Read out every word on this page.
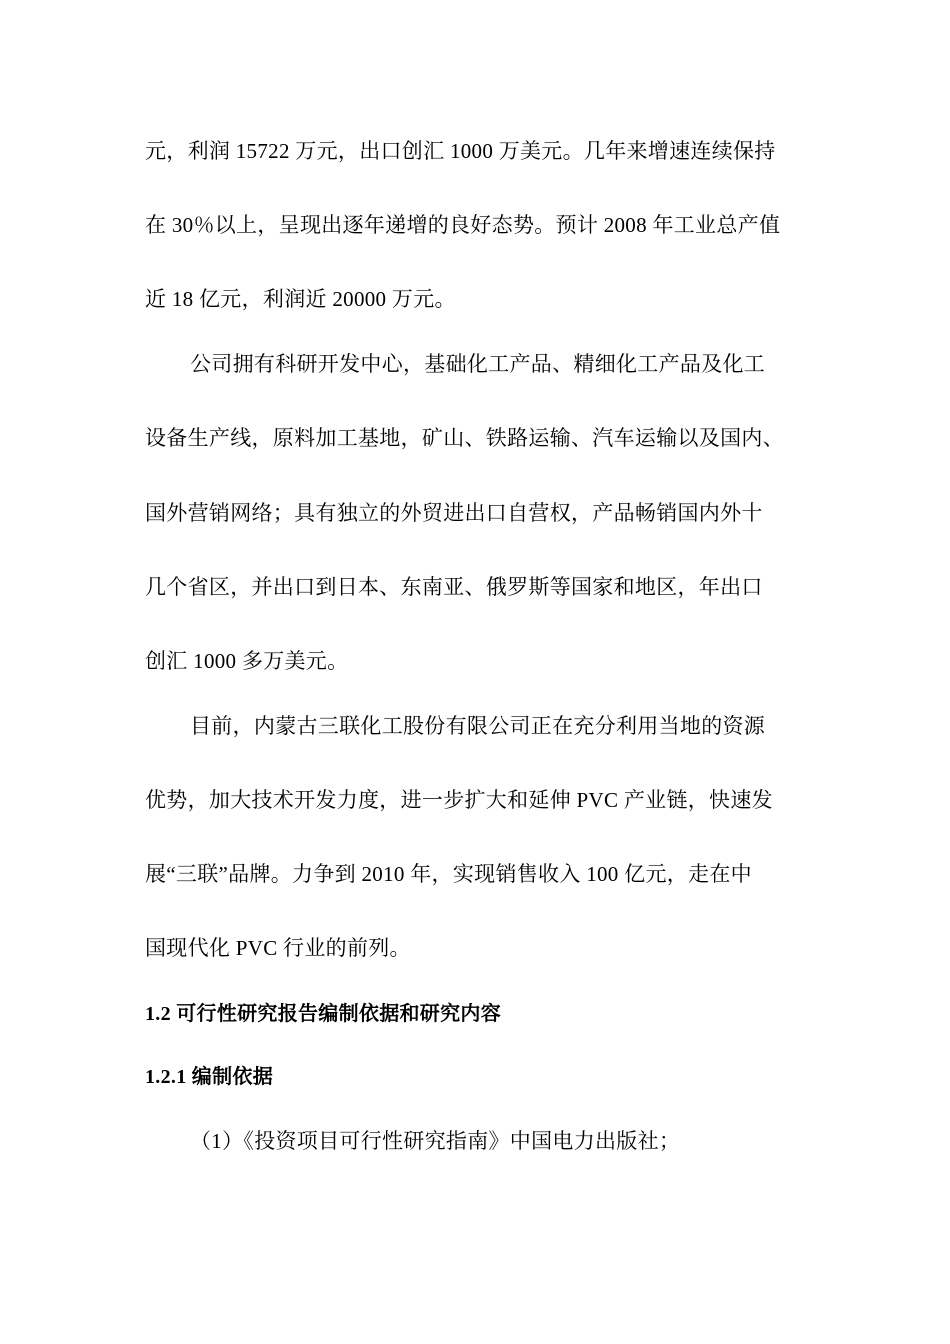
元，利润 15722 万元，出口创汇 1000 万美元。几年来增速连续保持
在 30％以上，呈现出逐年递增的良好态势。预计 2008 年工业总产值
近 18 亿元，利润近 20000 万元。
公司拥有科研开发中心，基础化工产品、精细化工产品及化工
设备生产线，原料加工基地，矿山、铁路运输、汽车运输以及国内、
国外营销网络；具有独立的外贸进出口自营权，产品畅销国内外十
几个省区，并出口到日本、东南亚、俄罗斯等国家和地区，年出口
创汇 1000 多万美元。
目前，内蒙古三联化工股份有限公司正在充分利用当地的资源
优势，加大技术开发力度，进一步扩大和延伸 PVC 产业链，快速发
展“三联”品牌。力争到 2010 年，实现销售收入 100 亿元，走在中
国现代化 PVC 行业的前列。
1.2 可行性研究报告编制依据和研究内容
1.2.1 编制依据
（1）《投资项目可行性研究指南》中国电力出版社；
